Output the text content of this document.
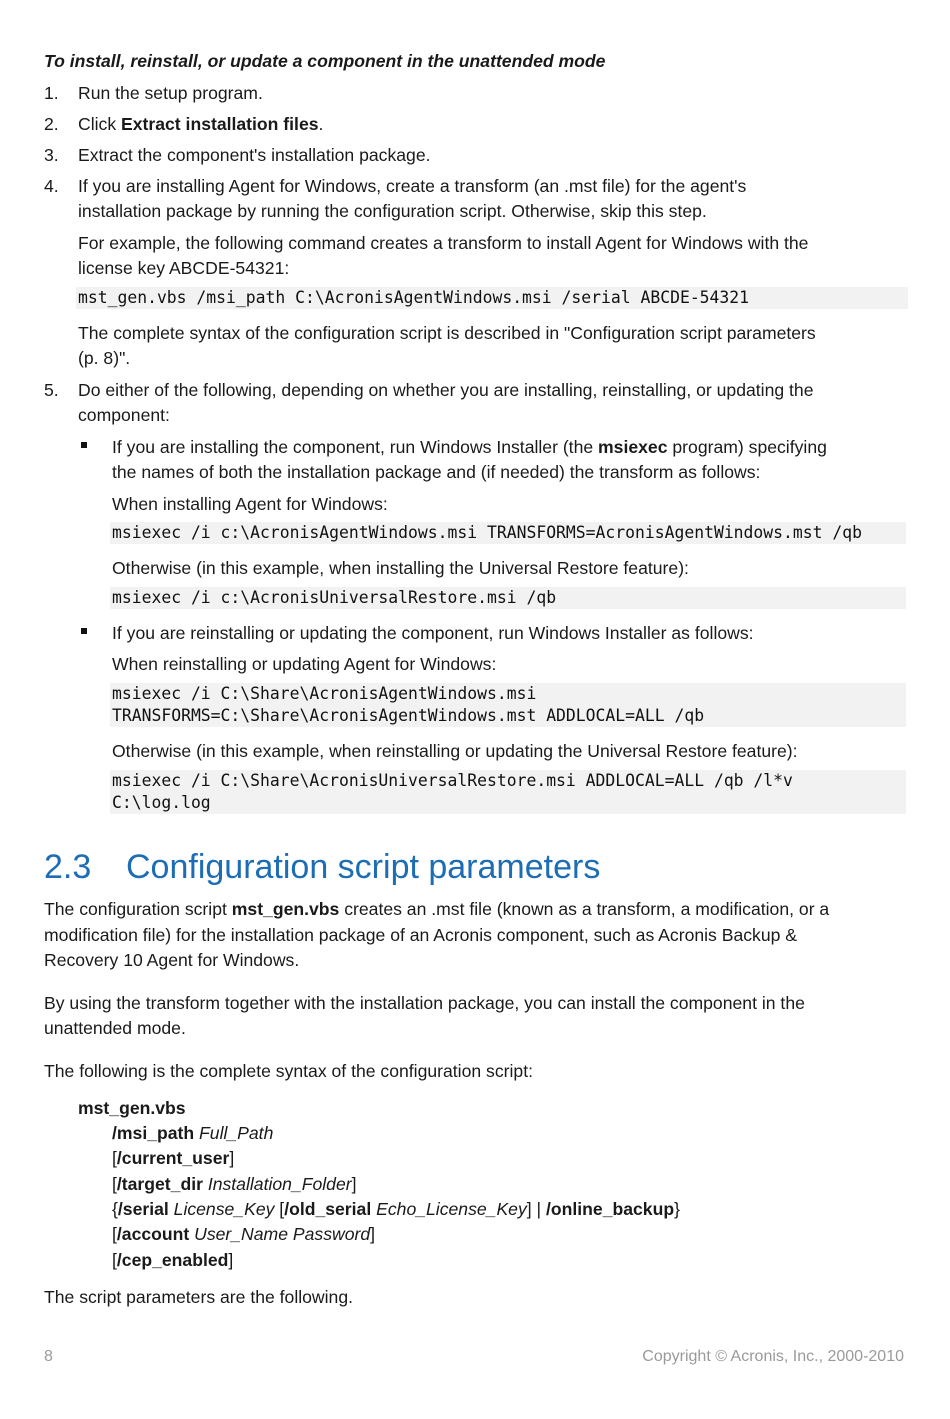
To install, reinstall, or update a component in the unattended mode
1.
2.
3.
4.
5.
Run the setup program.
Click Extract installation files.
Extract the component's installation package.
If you are installing Agent for Windows, create a transform (an .mst file) for the agent's
installation package by running the configuration script. Otherwise, skip this step.
For example, the following command creates a transform to install Agent for Windows with the
license key ABCDE-54321:
mst_gen.vbs /msi_path C:\AcronisAgentWindows.msi /serial ABCDE-54321
The complete syntax of the configuration script is described in "Configuration script parameters
(p. 8)".
Do either of the following, depending on whether you are installing, reinstalling, or updating the
component:
If you are installing the component, run Windows Installer (the msiexec program) specifying
the names of both the installation package and (if needed) the transform as follows:
When installing Agent for Windows:
msiexec /i c:\AcronisAgentWindows.msi TRANSFORMS=AcronisAgentWindows.mst /qb
Otherwise (in this example, when installing the Universal Restore feature):
msiexec /i c:\AcronisUniversalRestore.msi /qb
If you are reinstalling or updating the component, run Windows Installer as follows:
When reinstalling or updating Agent for Windows:
msiexec /i C:\Share\AcronisAgentWindows.msi
TRANSFORMS=C:\Share\AcronisAgentWindows.mst ADDLOCAL=ALL /qb
Otherwise (in this example, when reinstalling or updating the Universal Restore feature):
msiexec /i C:\Share\AcronisUniversalRestore.msi ADDLOCAL=ALL /qb /l*v
C:\log.log
2.3 Configuration script parameters
The configuration script mst_gen.vbs creates an .mst file (known as a transform, a modification, or a
modification file) for the installation package of an Acronis component, such as Acronis Backup &
Recovery 10 Agent for Windows.
By using the transform together with the installation package, you can install the component in the
unattended mode.
The following is the complete syntax of the configuration script:
mst_gen.vbs
/msi_path Full_Path
[/current_user]
[/target_dir Installation_Folder]
{/serial License_Key [/old_serial Echo_License_Key] | /online_backup}
[/account User_Name Password]
[/cep_enabled]
The script parameters are the following.
8	Copyright © Acronis, Inc., 2000-2010
